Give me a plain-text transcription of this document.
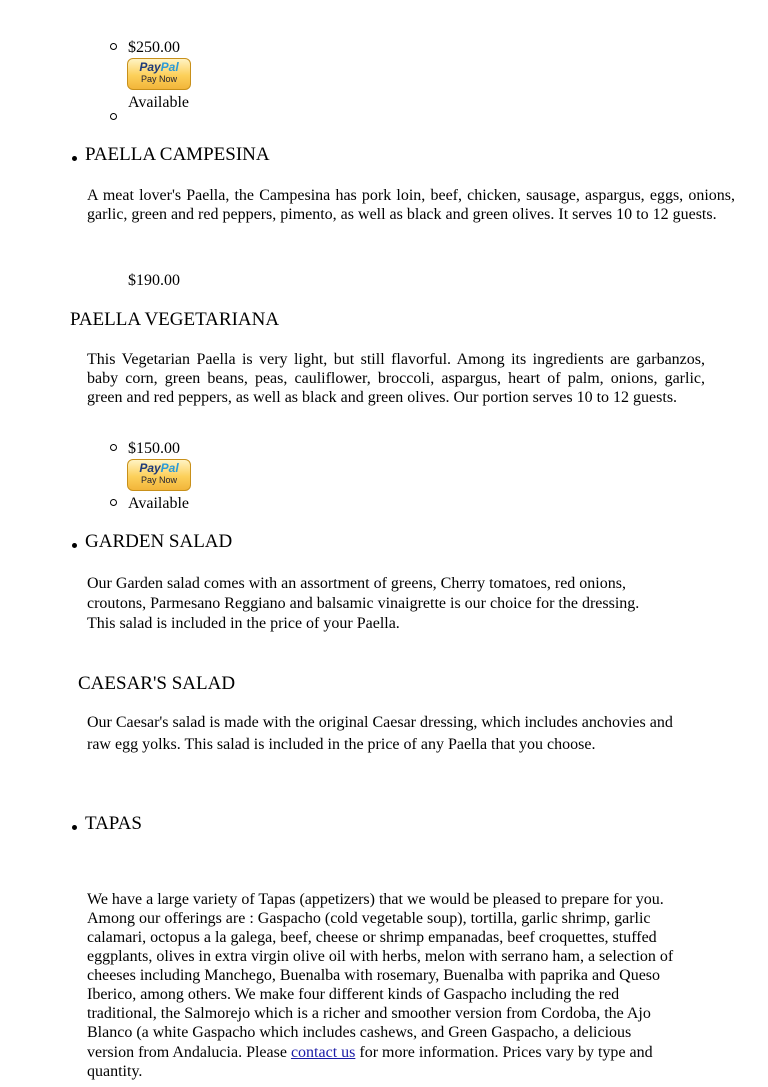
$250.00
PayPal
Pay Now
Available
PAELLA CAMPESINA
A meat lover's Paella, the Campesina has pork loin, beef, chicken, sausage, aspargus, eggs, onions, garlic, green and red peppers, pimento, as well as black and green olives. It serves 10 to 12 guests.
$190.00
PAELLA VEGETARIANA
This Vegetarian Paella is very light, but still flavorful. Among its ingredients are garbanzos, baby corn, green beans, peas, cauliflower, broccoli, aspargus, heart of palm, onions, garlic, green and red peppers, as well as black and green olives. Our portion serves 10 to 12 guests.
$150.00
PayPal
Pay Now
Available
GARDEN SALAD
Our Garden salad comes with an assortment of greens, Cherry tomatoes, red onions,
croutons, Parmesano Reggiano and balsamic vinaigrette is our choice for the dressing.
This salad is included in the price of your Paella.
CAESAR'S SALAD
Our Caesar's salad is made with the original Caesar dressing, which includes anchovies and
raw egg yolks. This salad is included in the price of any Paella that you choose.
TAPAS
We have a large variety of Tapas (appetizers) that we would be pleased to prepare for you.
Among our offerings are : Gaspacho (cold vegetable soup), tortilla, garlic shrimp, garlic
calamari, octopus a la galega, beef, cheese or shrimp empanadas, beef croquettes, stuffed
eggplants, olives in extra virgin olive oil with herbs, melon with serrano ham, a selection of
cheeses including Manchego, Buenalba with rosemary, Buenalba with paprika and Queso
Iberico, among others. We make four different kinds of Gaspacho including the red
traditional, the Salmorejo which is a richer and smoother version from Cordoba, the Ajo
Blanco (a white Gaspacho which includes cashews, and Green Gaspacho, a delicious
version from Andalucia. Please contact us for more information. Prices vary by type and
quantity.
